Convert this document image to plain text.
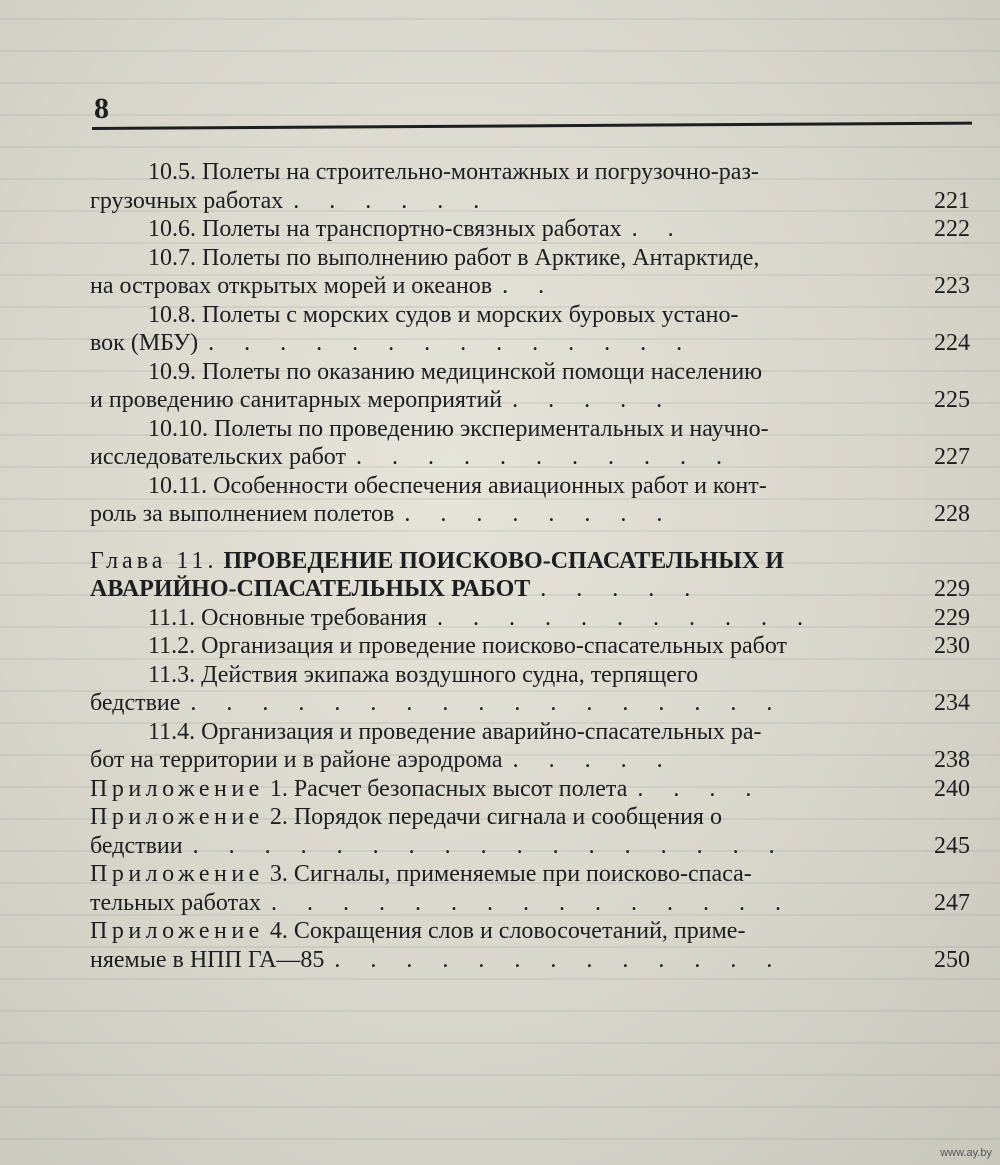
8
10.5. Полеты на строительно-монтажных и погрузочно-раз-
грузочных работах . . . . . .	221
10.6. Полеты на транспортно-связных работах . .	222
10.7. Полеты по выполнению работ в Арктике, Антарктиде,
на островах открытых морей и океанов . .	223
10.8. Полеты с морских судов и морских буровых устано-
вок (МБУ) . . . . . . . . . . . . . .	224
10.9. Полеты по оказанию медицинской помощи населению
и проведению санитарных мероприятий . . . . .	225
10.10. Полеты по проведению экспериментальных и научно-
исследовательских работ . . . . . . . . . . .	227
10.11. Особенности обеспечения авиационных работ и конт-
роль за выполнением полетов . . . . . . . .	228
Глава 11. ПРОВЕДЕНИЕ ПОИСКОВО-СПАСАТЕЛЬНЫХ И
АВАРИЙНО-СПАСАТЕЛЬНЫХ РАБОТ . . . . .	229
11.1. Основные требования . . . . . . . . . . .	229
11.2. Организация и проведение поисково-спасательных работ	230
11.3. Действия экипажа воздушного судна, терпящего
бедствие . . . . . . . . . . . . . . . . .	234
11.4. Организация и проведение аварийно-спасательных ра-
бот на территории и в районе аэродрома . . . . .	238
Приложение 1. Расчет безопасных высот полета . . . .	240
Приложение 2. Порядок передачи сигнала и сообщения о
бедствии . . . . . . . . . . . . . . . . .	245
Приложение 3. Сигналы, применяемые при поисково-спаса-
тельных работах . . . . . . . . . . . . . . .	247
Приложение 4. Сокращения слов и словосочетаний, приме-
няемые в НПП ГА—85 . . . . . . . . . . . . .	250
www.ay.by
